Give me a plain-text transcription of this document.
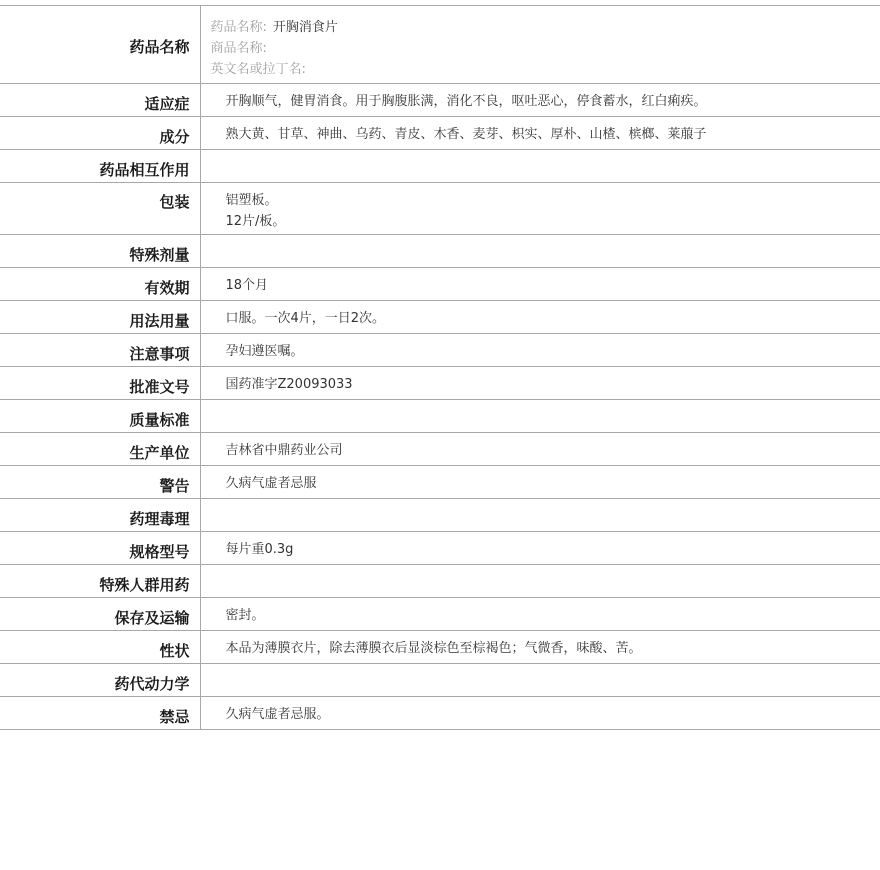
药品名称	药品名称: 开胸消食片
商品名称:
英文名或拉丁名:

适应症	开胸顺气，健胃消食。用于胸腹胀满，消化不良，呕吐恶心，停食蓄水，红白痢疾。
成分	熟大黄、甘草、神曲、乌药、青皮、木香、麦芽、枳实、厚朴、山楂、槟榔、莱菔子
药品相互作用	
包装	铝塑板。
12片/板。

特殊剂量	
有效期	18个月
用法用量	口服。一次4片，一日2次。
注意事项	孕妇遵医嘱。
批准文号	国药准字Z20093033
质量标准	
生产单位	吉林省中鼎药业公司
警告	久病气虚者忌服
药理毒理	
规格型号	每片重0.3g
特殊人群用药	
保存及运输	密封。
性状	本品为薄膜衣片，除去薄膜衣后显淡棕色至棕褐色；气微香，味酸、苦。
药代动力学	
禁忌	久病气虚者忌服。
